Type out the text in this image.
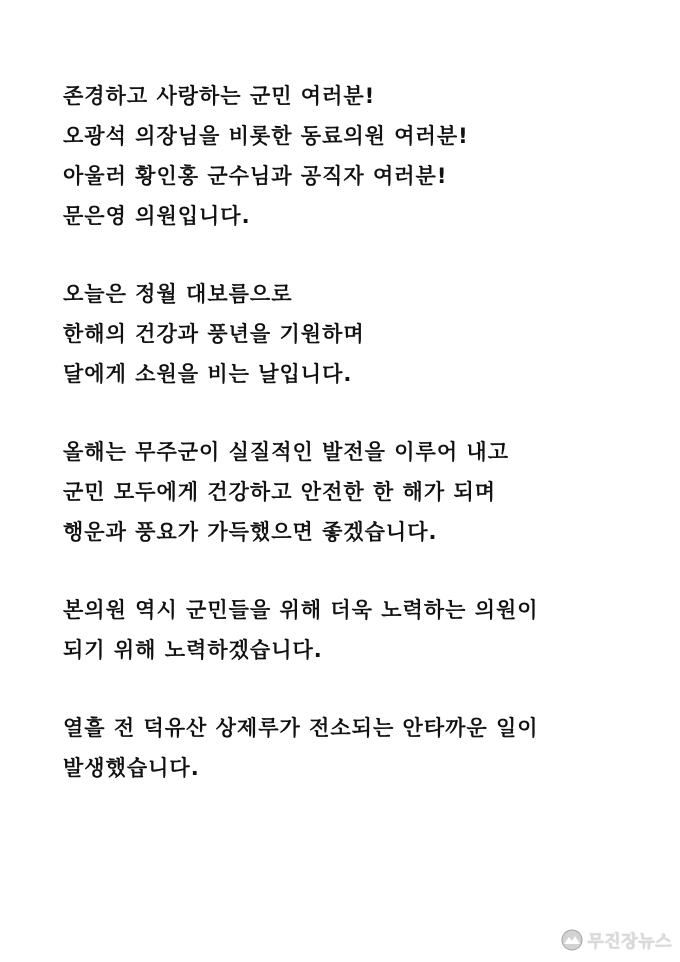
존경하고 사랑하는 군민 여러분!
오광석 의장님을 비롯한 동료의원 여러분!
아울러 황인홍 군수님과 공직자 여러분!
문은영 의원입니다.
오늘은 정월 대보름으로
한해의 건강과 풍년을 기원하며
달에게 소원을 비는 날입니다.
올해는 무주군이 실질적인 발전을 이루어 내고
군민 모두에게 건강하고 안전한 한 해가 되며
행운과 풍요가 가득했으면 좋겠습니다.
본의원 역시 군민들을 위해 더욱 노력하는 의원이
되기 위해 노력하겠습니다.
열흘 전 덕유산 상제루가 전소되는 안타까운 일이
발생했습니다.
무진장뉴스
